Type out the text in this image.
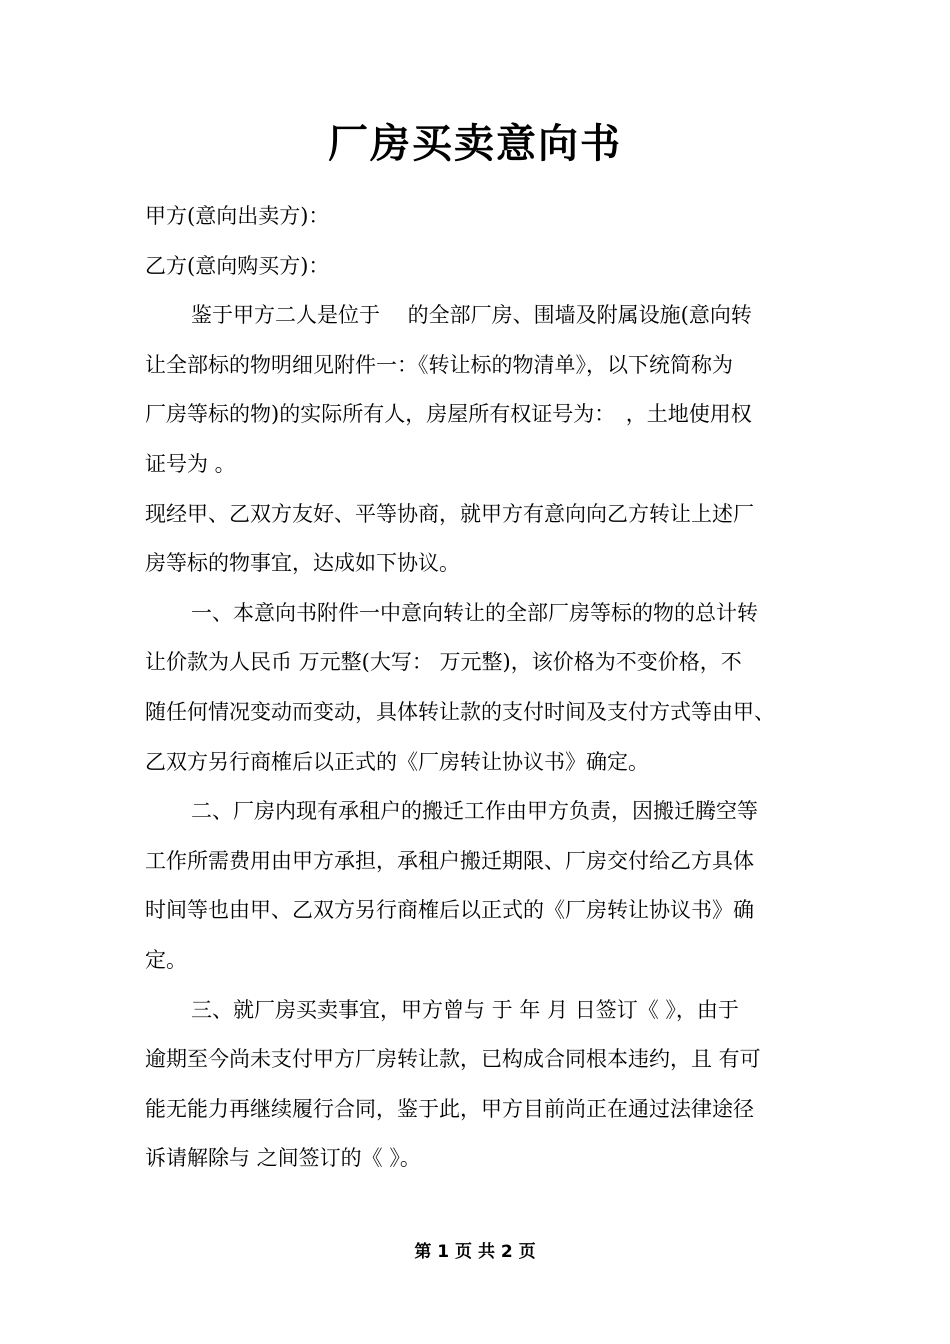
厂房买卖意向书

甲方(意向出卖方)：

乙方(意向购买方)：

鉴于甲方二人是位于　 的全部厂房、围墙及附属设施(意向转
让全部标的物明细见附件一：《转让标的物清单》，以下统简称为
厂房等标的物)的实际所有人，房屋所有权证号为：　，土地使用权
证号为 。

现经甲、乙双方友好、平等协商，就甲方有意向向乙方转让上述厂
房等标的物事宜，达成如下协议。

一、本意向书附件一中意向转让的全部厂房等标的物的总计转
让价款为人民币 万元整(大写： 万元整)，该价格为不变价格，不
随任何情况变动而变动，具体转让款的支付时间及支付方式等由甲、
乙双方另行商榷后以正式的《厂房转让协议书》确定。

二、厂房内现有承租户的搬迁工作由甲方负责，因搬迁腾空等
工作所需费用由甲方承担，承租户搬迁期限、厂房交付给乙方具体
时间等也由甲、乙双方另行商榷后以正式的《厂房转让协议书》确
定。

三、就厂房买卖事宜，甲方曾与 于 年 月 日签订《 》，由于
逾期至今尚未支付甲方厂房转让款，已构成合同根本违约，且 有可
能无能力再继续履行合同，鉴于此，甲方目前尚正在通过法律途径
诉请解除与 之间签订的《 》。

第 1 页 共 2 页
